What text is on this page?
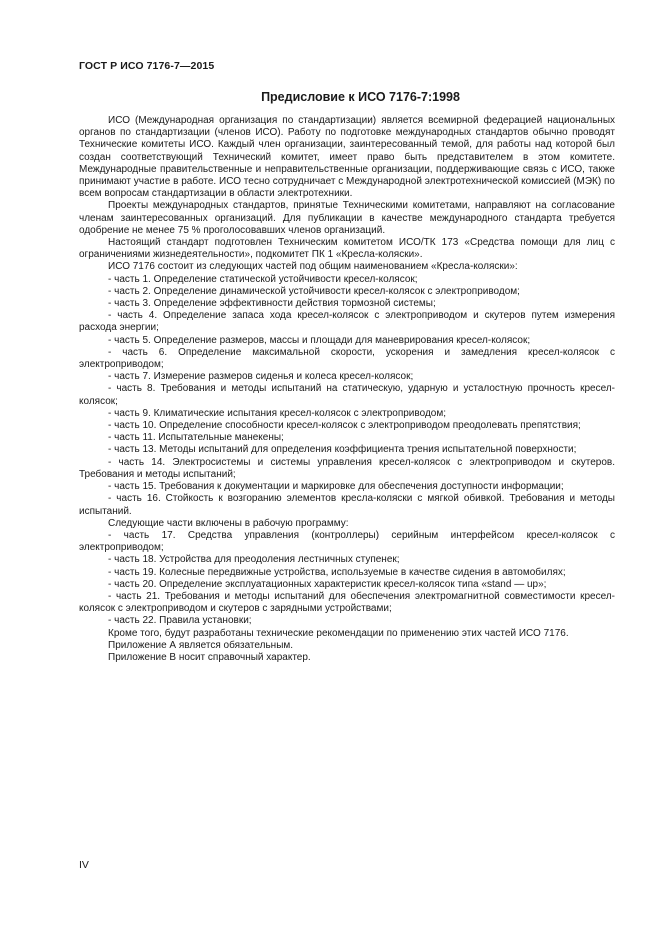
ГОСТ Р ИСО 7176-7—2015
Предисловие к ИСО 7176-7:1998

ИСО (Международная организация по стандартизации) является всемирной федерацией национальных органов по стандартизации (членов ИСО). Работу по подготовке международных стандартов обычно проводят Технические комитеты ИСО. Каждый член организации, заинтересованный темой, для работы над которой был создан соответствующий Технический комитет, имеет право быть представителем в этом комитете. Международные правительственные и неправительственные организации, поддерживающие связь с ИСО, также принимают участие в работе. ИСО тесно сотрудничает с Международной электротехнической комиссией (МЭК) по всем вопросам стандартизации в области электротехники.

Проекты международных стандартов, принятые Техническими комитетами, направляют на согласование членам заинтересованных организаций. Для публикации в качестве международного стандарта требуется одобрение не менее 75 % проголосовавших членов организаций.

Настоящий стандарт подготовлен Техническим комитетом ИСО/ТК 173 «Средства помощи для лиц с ограничениями жизнедеятельности», подкомитет ПК 1 «Кресла-коляски».

ИСО 7176 состоит из следующих частей под общим наименованием «Кресла-коляски»:

- часть 1. Определение статической устойчивости кресел-колясок;

- часть 2. Определение динамической устойчивости кресел-колясок с электроприводом;

- часть 3. Определение эффективности действия тормозной системы;

- часть 4. Определение запаса хода кресел-колясок с электроприводом и скутеров путем измерения расхода энергии;

- часть 5. Определение размеров, массы и площади для маневрирования кресел-колясок;

- часть 6. Определение максимальной скорости, ускорения и замедления кресел-колясок с электроприводом;

- часть 7. Измерение размеров сиденья и колеса кресел-колясок;

- часть 8. Требования и методы испытаний на статическую, ударную и усталостную прочность кресел-колясок;

- часть 9. Климатические испытания кресел-колясок с электроприводом;

- часть 10. Определение способности кресел-колясок с электроприводом преодолевать препятствия;

- часть 11. Испытательные манекены;

- часть 13. Методы испытаний для определения коэффициента трения испытательной поверхности;

- часть 14. Электросистемы и системы управления кресел-колясок с электроприводом и скутеров. Требования и методы испытаний;

- часть 15. Требования к документации и маркировке для обеспечения доступности информации;

- часть 16. Стойкость к возгоранию элементов кресла-коляски с мягкой обивкой. Требования и методы испытаний.

Следующие части включены в рабочую программу:

- часть 17. Средства управления (контроллеры) серийным интерфейсом кресел-колясок с электроприводом;

- часть 18. Устройства для преодоления лестничных ступенек;

- часть 19. Колесные передвижные устройства, используемые в качестве сидения в автомобилях;

- часть 20. Определение эксплуатационных характеристик кресел-колясок типа «stand — up»;

- часть 21. Требования и методы испытаний для обеспечения электромагнитной совместимости кресел-колясок с электроприводом и скутеров с зарядными устройствами;

- часть 22. Правила установки;

Кроме того, будут разработаны технические рекомендации по применению этих частей ИСО 7176.

Приложение А является обязательным.

Приложение В носит справочный характер.

IV
